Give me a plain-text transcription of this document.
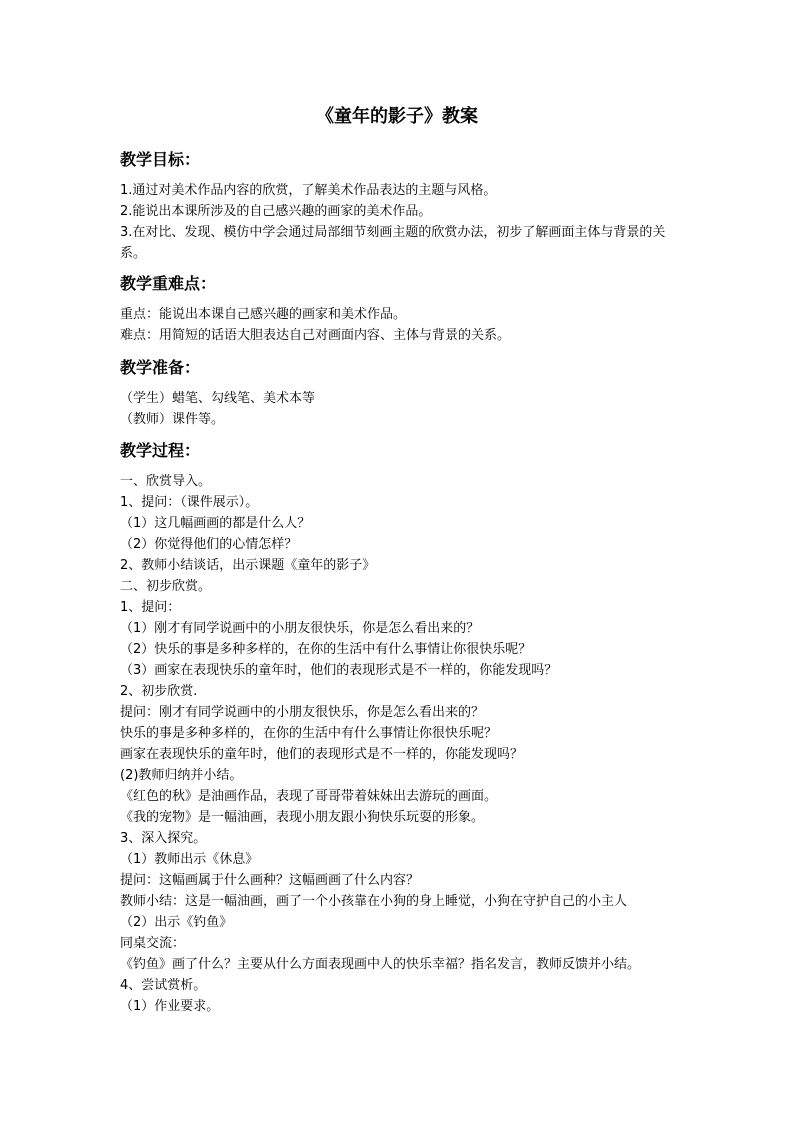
《童年的影子》教案
教学目标：
1.通过对美术作品内容的欣赏，了解美术作品表达的主题与风格。
2.能说出本课所涉及的自己感兴趣的画家的美术作品。
3.在对比、发现、模仿中学会通过局部细节刻画主题的欣赏办法，初步了解画面主体与背景的关系。
教学重难点：
重点：能说出本课自己感兴趣的画家和美术作品。
难点：用简短的话语大胆表达自己对画面内容、主体与背景的关系。
教学准备：
（学生）蜡笔、勾线笔、美术本等
（教师）课件等。
教学过程：
一、欣赏导入。
1、提问：（课件展示）。
（1）这几幅画画的都是什么人？
（2）你觉得他们的心情怎样？
2、教师小结谈话，出示课题《童年的影子》
二、初步欣赏。
1、提问：
（1）刚才有同学说画中的小朋友很快乐，你是怎么看出来的？
（2）快乐的事是多种多样的，在你的生活中有什么事情让你很快乐呢？
（3）画家在表现快乐的童年时，他们的表现形式是不一样的，你能发现吗？
2、初步欣赏.
提问：刚才有同学说画中的小朋友很快乐，你是怎么看出来的？
快乐的事是多种多样的，在你的生活中有什么事情让你很快乐呢？
画家在表现快乐的童年时，他们的表现形式是不一样的，你能发现吗？
(2)教师归纳并小结。
《红色的秋》是油画作品，表现了哥哥带着妹妹出去游玩的画面。
《我的宠物》是一幅油画，表现小朋友跟小狗快乐玩耍的形象。
3、深入探究。
（1）教师出示《休息》
提问：这幅画属于什么画种？这幅画画了什么内容？
教师小结：这是一幅油画，画了一个小孩靠在小狗的身上睡觉，小狗在守护自己的小主人
（2）出示《钓鱼》
同桌交流：
《钓鱼》画了什么？主要从什么方面表现画中人的快乐幸福？指名发言，教师反馈并小结。
4、尝试赏析。
（1）作业要求。
